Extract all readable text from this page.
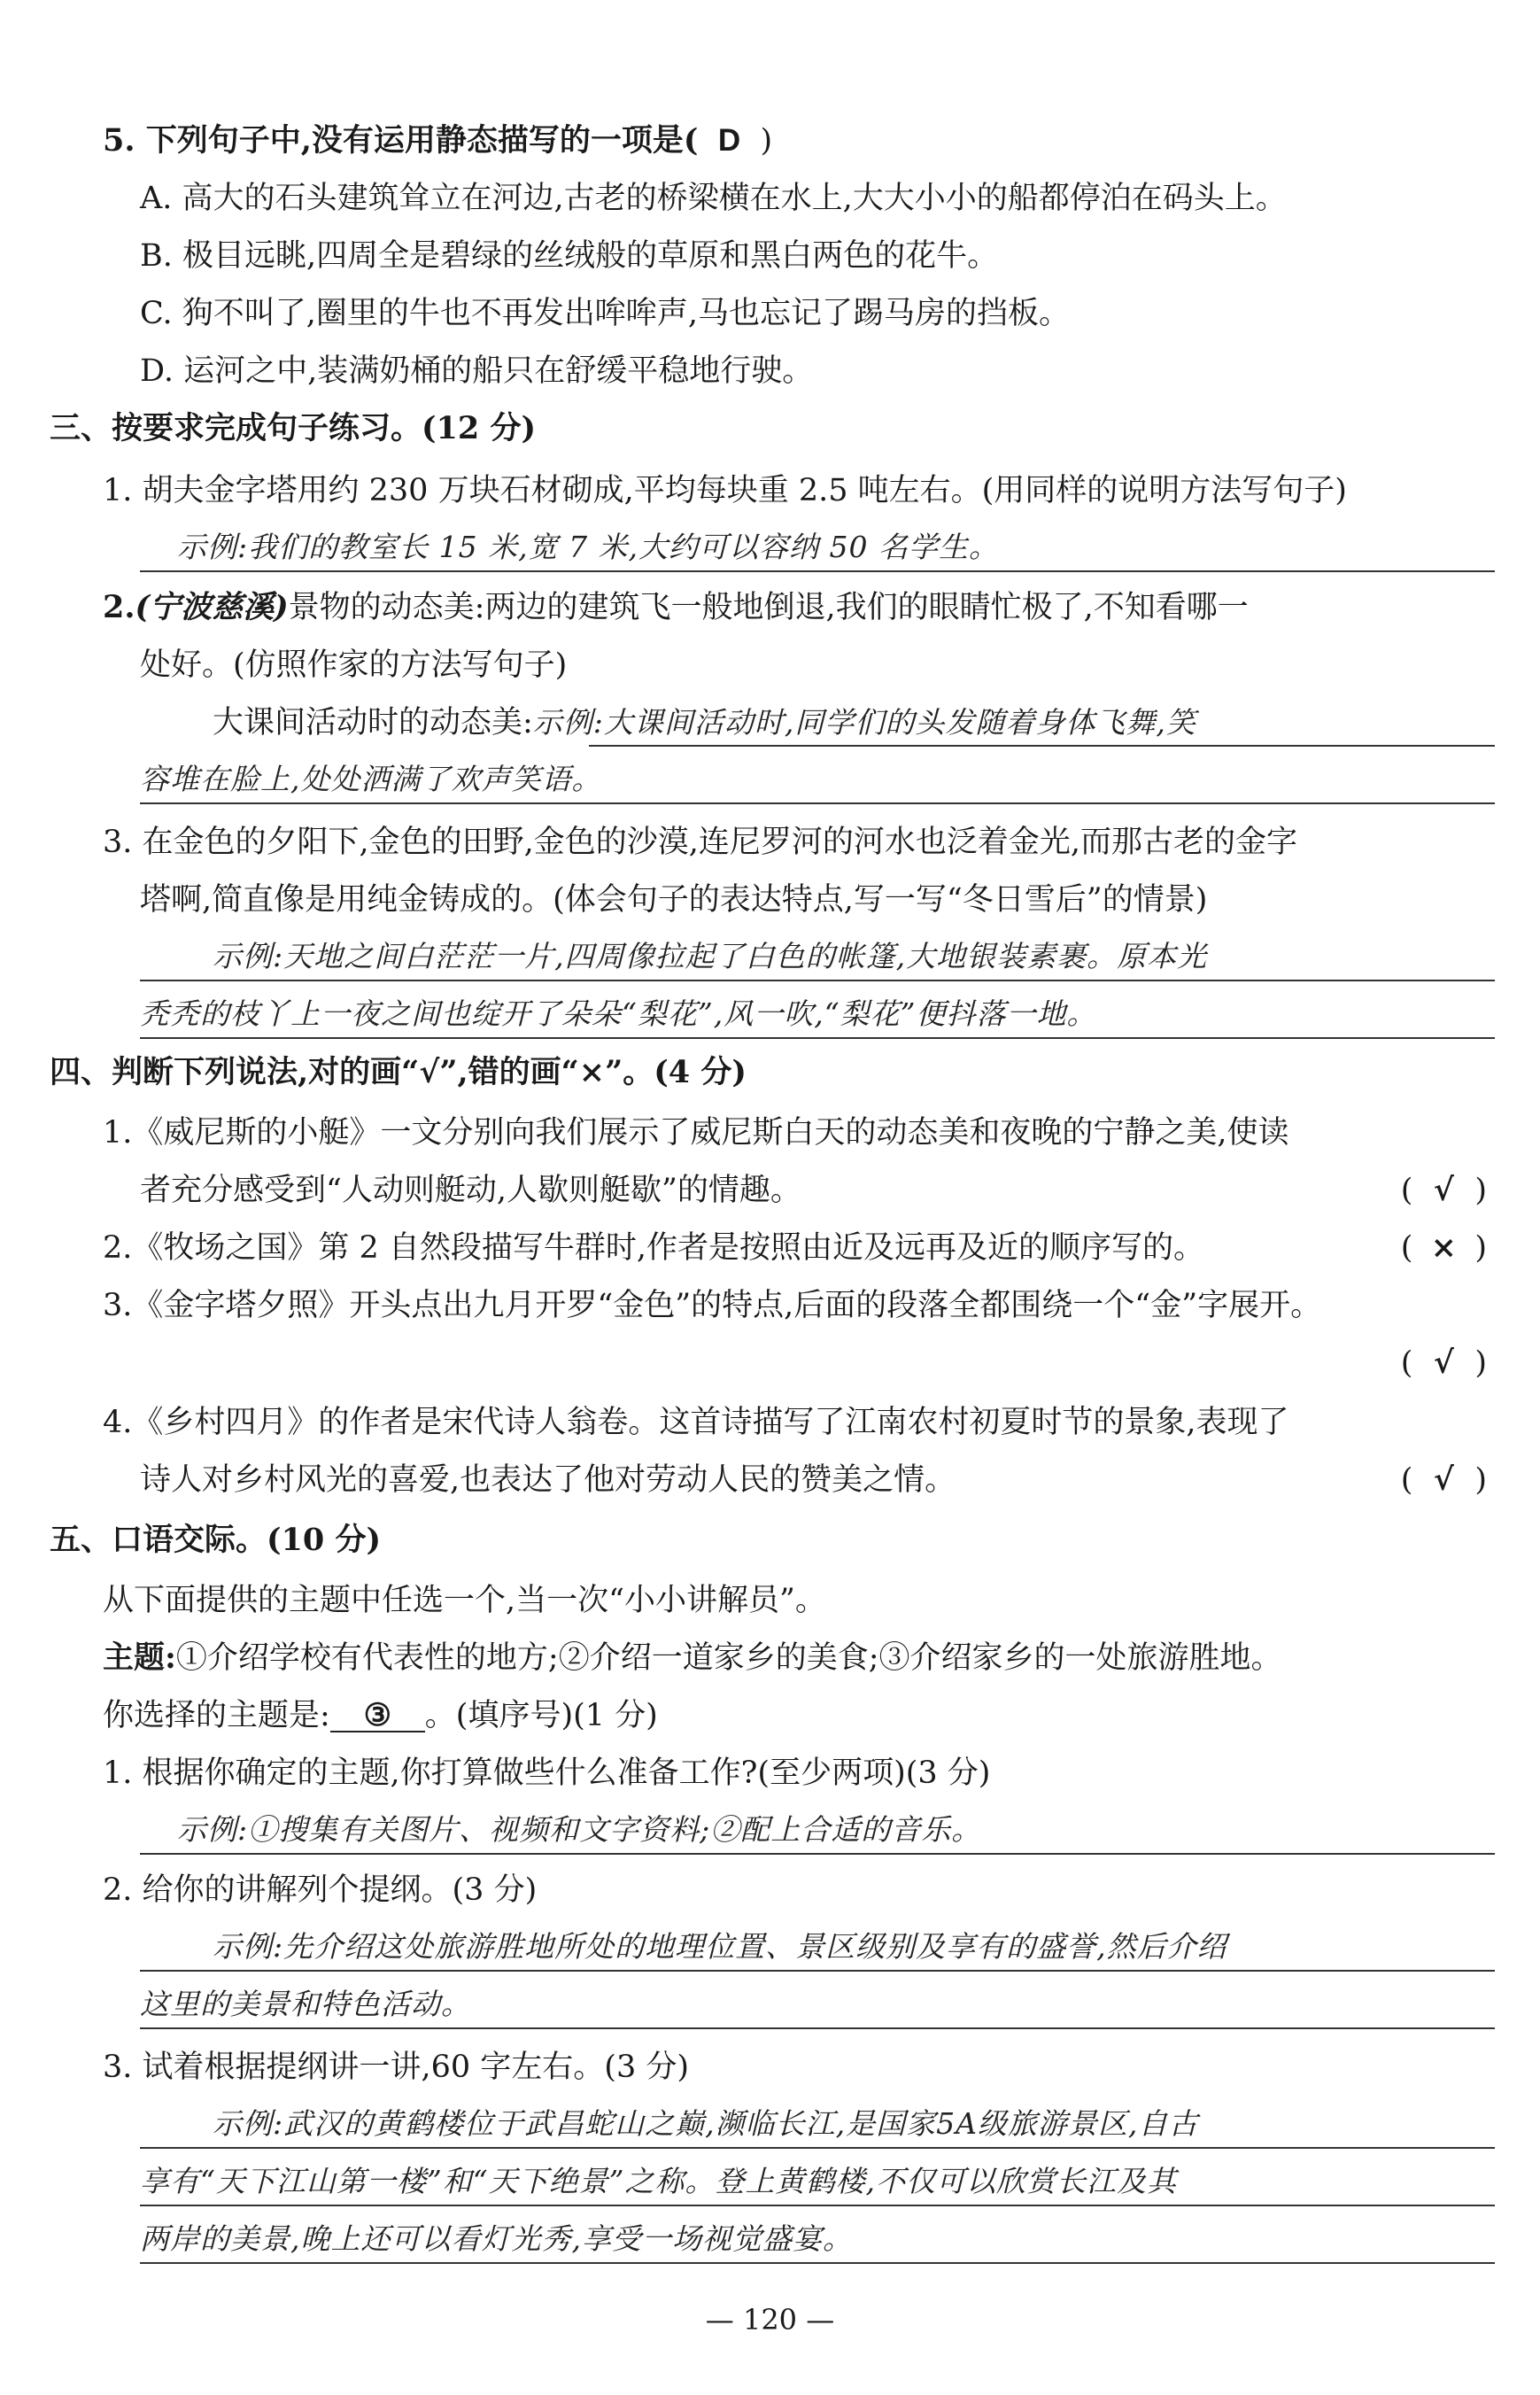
5. 下列句子中,没有运用静态描写的一项是( D )
A. 高大的石头建筑耸立在河边,古老的桥梁横在水上,大大小小的船都停泊在码头上。
B. 极目远眺,四周全是碧绿的丝绒般的草原和黑白两色的花牛。
C. 狗不叫了,圈里的牛也不再发出哞哞声,马也忘记了踢马房的挡板。
D. 运河之中,装满奶桶的船只在舒缓平稳地行驶。
三、按要求完成句子练习。(12 分)
1. 胡夫金字塔用约 230 万块石材砌成,平均每块重 2.5 吨左右。(用同样的说明方法写句子)
示例:我们的教室长 15 米,宽 7 米,大约可以容纳 50 名学生。
2.(宁波慈溪)景物的动态美:两边的建筑飞一般地倒退,我们的眼睛忙极了,不知看哪一
处好。(仿照作家的方法写句子)
大课间活动时的动态美:示例:大课间活动时,同学们的头发随着身体飞舞,笑
容堆在脸上,处处洒满了欢声笑语。
3. 在金色的夕阳下,金色的田野,金色的沙漠,连尼罗河的河水也泛着金光,而那古老的金字
塔啊,简直像是用纯金铸成的。(体会句子的表达特点,写一写“冬日雪后”的情景)
示例:天地之间白茫茫一片,四周像拉起了白色的帐篷,大地银装素裹。原本光
秃秃的枝丫上一夜之间也绽开了朵朵“梨花”,风一吹,“梨花”便抖落一地。
四、判断下列说法,对的画“√”,错的画“×”。(4 分)
1.《威尼斯的小艇》一文分别向我们展示了威尼斯白天的动态美和夜晚的宁静之美,使读
者充分感受到“人动则艇动,人歇则艇歇”的情趣。	( √ )
2.《牧场之国》第 2 自然段描写牛群时,作者是按照由近及远再及近的顺序写的。	( × )
3.《金字塔夕照》开头点出九月开罗“金色”的特点,后面的段落全都围绕一个“金”字展开。
( √ )
4.《乡村四月》的作者是宋代诗人翁卷。这首诗描写了江南农村初夏时节的景象,表现了
诗人对乡村风光的喜爱,也表达了他对劳动人民的赞美之情。	( √ )
五、口语交际。(10 分)
从下面提供的主题中任选一个,当一次“小小讲解员”。
主题:①介绍学校有代表性的地方;②介绍一道家乡的美食;③介绍家乡的一处旅游胜地。
你选择的主题是: ③ 。(填序号)(1 分)
1. 根据你确定的主题,你打算做些什么准备工作?(至少两项)(3 分)
示例:①搜集有关图片、视频和文字资料;②配上合适的音乐。
2. 给你的讲解列个提纲。(3 分)
示例:先介绍这处旅游胜地所处的地理位置、景区级别及享有的盛誉,然后介绍
这里的美景和特色活动。
3. 试着根据提纲讲一讲,60 字左右。(3 分)
示例:武汉的黄鹤楼位于武昌蛇山之巅,濒临长江,是国家5A级旅游景区,自古
享有“天下江山第一楼”和“天下绝景”之称。登上黄鹤楼,不仅可以欣赏长江及其
两岸的美景,晚上还可以看灯光秀,享受一场视觉盛宴。
— 120 —
